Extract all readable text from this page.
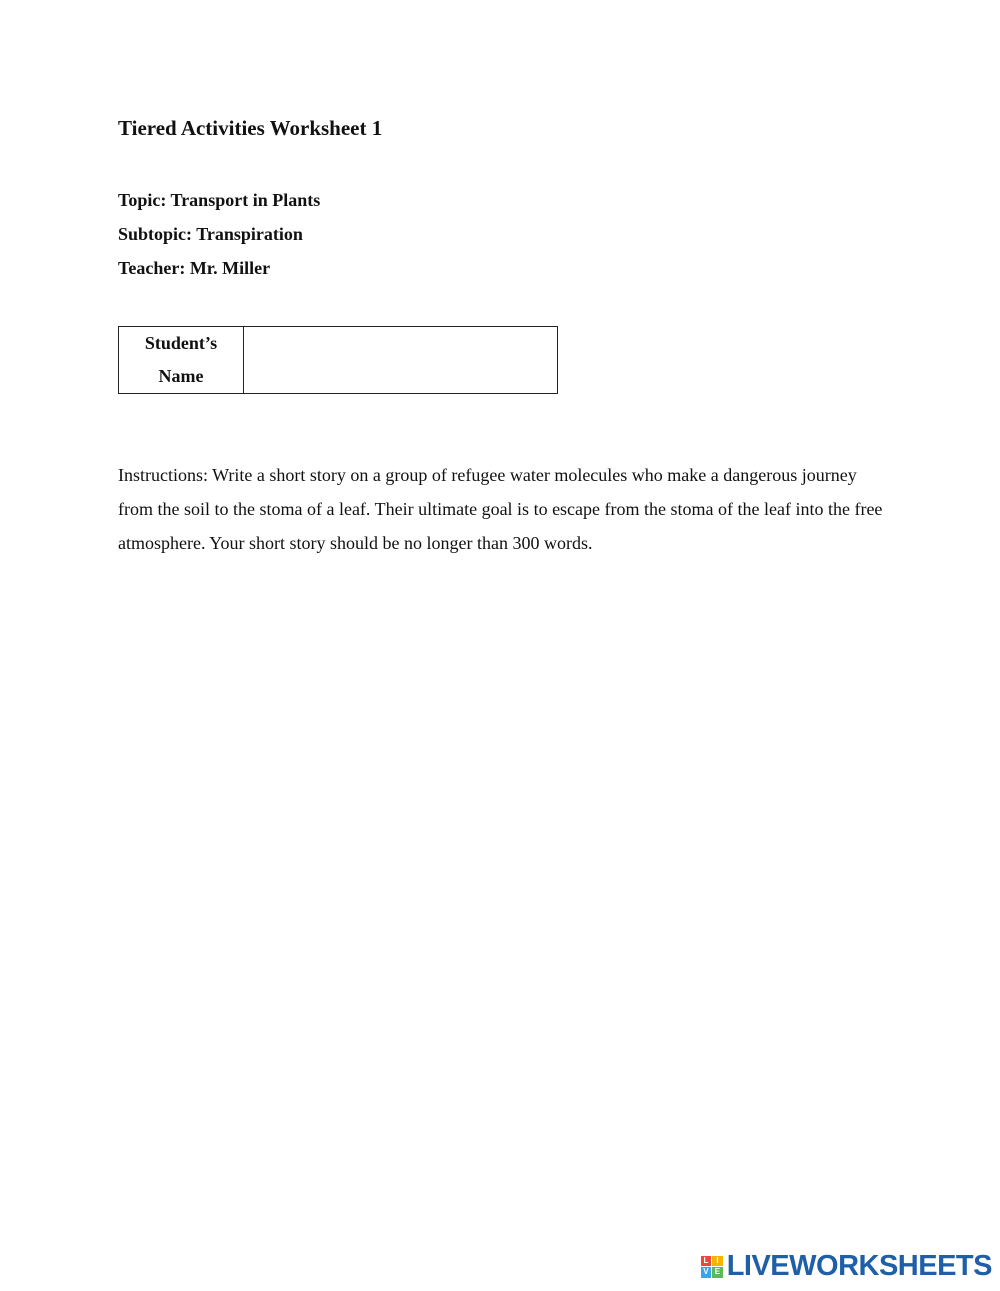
Tiered Activities Worksheet 1
Topic: Transport in Plants
Subtopic: Transpiration
Teacher: Mr. Miller
Student’s
Name

Instructions: Write a short story on a group of refugee water molecules who make a dangerous journey from the soil to the stoma of a leaf. Their ultimate goal is to escape from the stoma of the leaf into the free atmosphere. Your short story should be no longer than 300 words.

L I
V E LIVEWORKSHEETS
